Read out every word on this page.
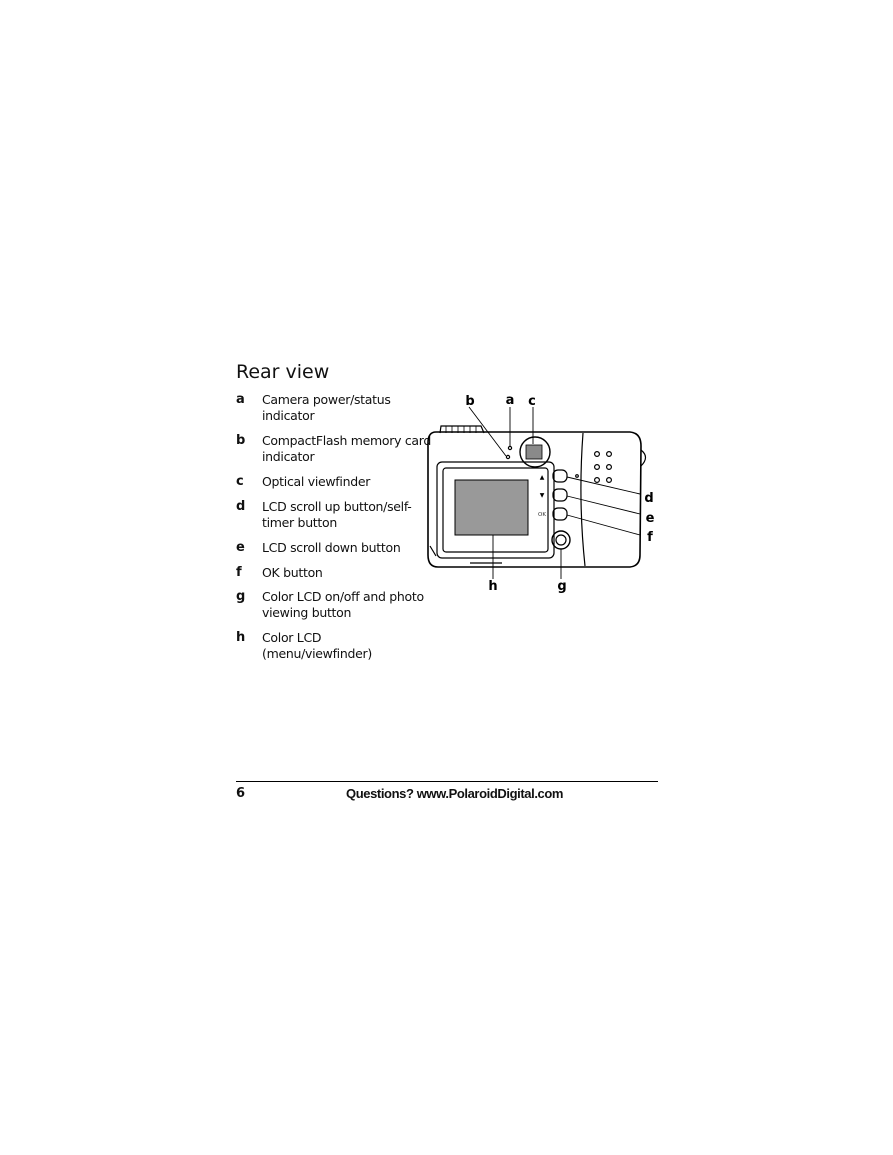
Rear view
a Camera power/status indicator
b CompactFlash memory card indicator
c Optical viewfinder
d LCD scroll up button/self-timer button
e LCD scroll down button
f OK button
g Color LCD on/off and photo viewing button
h Color LCD (menu/viewfinder)
▲
▼
OK
b a c
d
e
f
h	g
6	Questions? www.PolaroidDigital.com
